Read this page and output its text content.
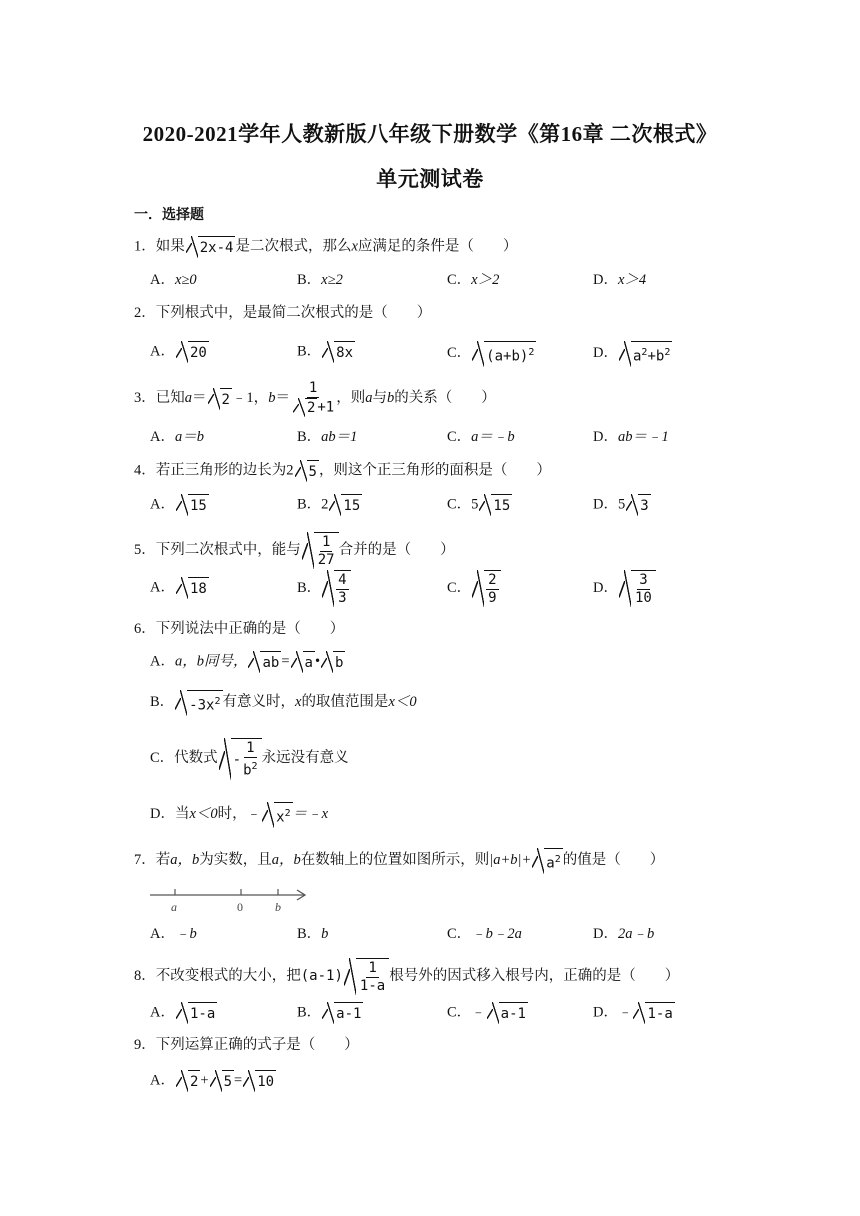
2020-2021学年人教新版八年级下册数学《第16章 二次根式》
单元测试卷
一．选择题
1．如果 2x-4 是二次根式，那么x应满足的条件是（　　）
A．x≥0	B．x≥2	C．x＞2	D．x＞4
2．下列根式中，是最简二次根式的是（　　）
A． 20	B． 8x	C． $(a+b)^2$	D． $a^2+b^2$
3．已知a＝ 2 ﹣1，$b= \frac{1}{2 +1}$ ，则a与b的关系（　　）
A．a＝b	B．ab＝1	C．a＝﹣b	D．ab＝﹣1
4．若正三角形的边长为2 5 ，则这个正三角形的面积是（　　）
A． 15	B．2 15	C．5 15	D．5 3
5．下列二次根式中，能与 $\frac{1}{27}$ 合并的是（　　）
A． 18	B． $\frac{4}{3}$	C． $\frac{2}{9}$	D． $\frac{3}{10}$
6．下列说法中正确的是（　　）
A．a，b同号， ab = a • b
B． $-3x^2$ 有意义时，x的取值范围是x＜0
C．代数式 - $\frac{1}{b^2}$ 永远没有意义
D．当x＜0时，﹣ $x^2$ ＝﹣x
7．若a，b为实数，且a，b在数轴上的位置如图所示，则$|a+b|+ a^2$ 的值是（　　）
a	0	b
A．﹣b	B．b	C．﹣b﹣2a	D．2a﹣b
8．不改变根式的大小，把$(a-1) \frac{1}{1-a}$ 根号外的因式移入根号内，正确的是（　　）
A． 1-a	B． a-1	C．﹣ a-1	D．﹣ 1-a
9．下列运算正确的式子是（　　）
A． 2 + 5 = 10
